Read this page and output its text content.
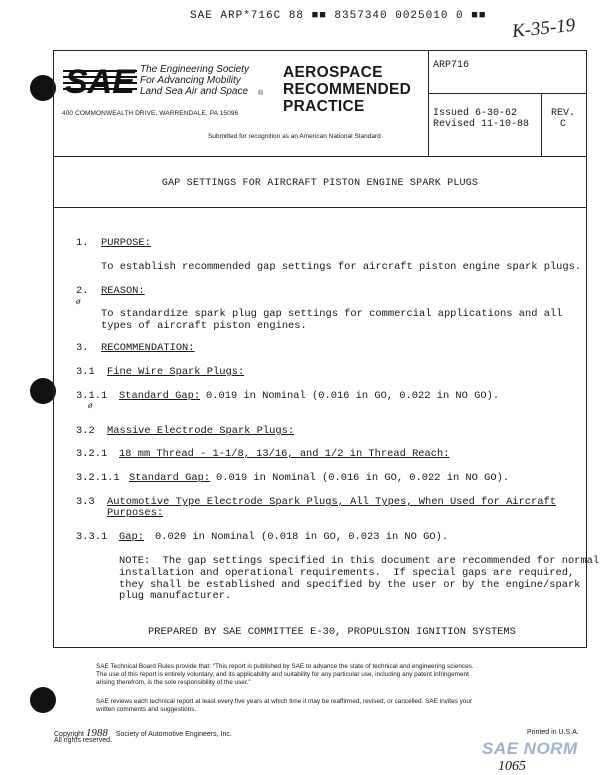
SAE ARP*716C 88 ■■ 8357340 0025010 0 ■■ K-35-19
SAE The Engineering Society
For Advancing Mobility
Land Sea Air and Space ®
400 COMMONWEALTH DRIVE, WARRENDALE, PA 15096
AEROSPACE
RECOMMENDED
PRACTICE
Submitted for recognition as an American National Standard
ARP716
Issued 6-30-62
Revised 11-10-88
REV.
C
GAP SETTINGS FOR AIRCRAFT PISTON ENGINE SPARK PLUGS
1. PURPOSE:
To establish recommended gap settings for aircraft piston engine spark plugs.
2. REASON:
ø
To standardize spark plug gap settings for commercial applications and all
types of aircraft piston engines.
3. RECOMMENDATION:
3.1 Fine Wire Spark Plugs:
3.1.1 Standard Gap: 0.019 in Nominal (0.016 in GO, 0.022 in NO GO).
ø
3.2 Massive Electrode Spark Plugs:
3.2.1 18 mm Thread - 1-1/8, 13/16, and 1/2 in Thread Reach:
3.2.1.1 Standard Gap: 0.019 in Nominal (0.016 in GO, 0.022 in NO GO).
3.3 Automotive Type Electrode Spark Plugs, All Types, When Used for Aircraft
Purposes:
3.3.1 Gap: 0.020 in Nominal (0.018 in GO, 0.023 in NO GO).
NOTE:  The gap settings specified in this document are recommended for normal
installation and operational requirements.  If special gaps are required,
they shall be established and specified by the user or by the engine/spark
plug manufacturer.
PREPARED BY SAE COMMITTEE E-30, PROPULSION IGNITION SYSTEMS
SAE Technical Board Rules provide that: "This report is published by SAE to advance the state of technical and engineering sciences.
The use of this report is entirely voluntary, and its applicability and suitability for any particular use, including any patent infringement
arising therefrom, is the sole responsibility of the user."
SAE reviews each technical report at least every five years at which time it may be reaffirmed, revised, or cancelled. SAE invites your
written comments and suggestions.
Copyright 1988 Society of Automotive Engineers, Inc.
All rights reserved.
Printed in U.S.A.
SAE NORM
1065
